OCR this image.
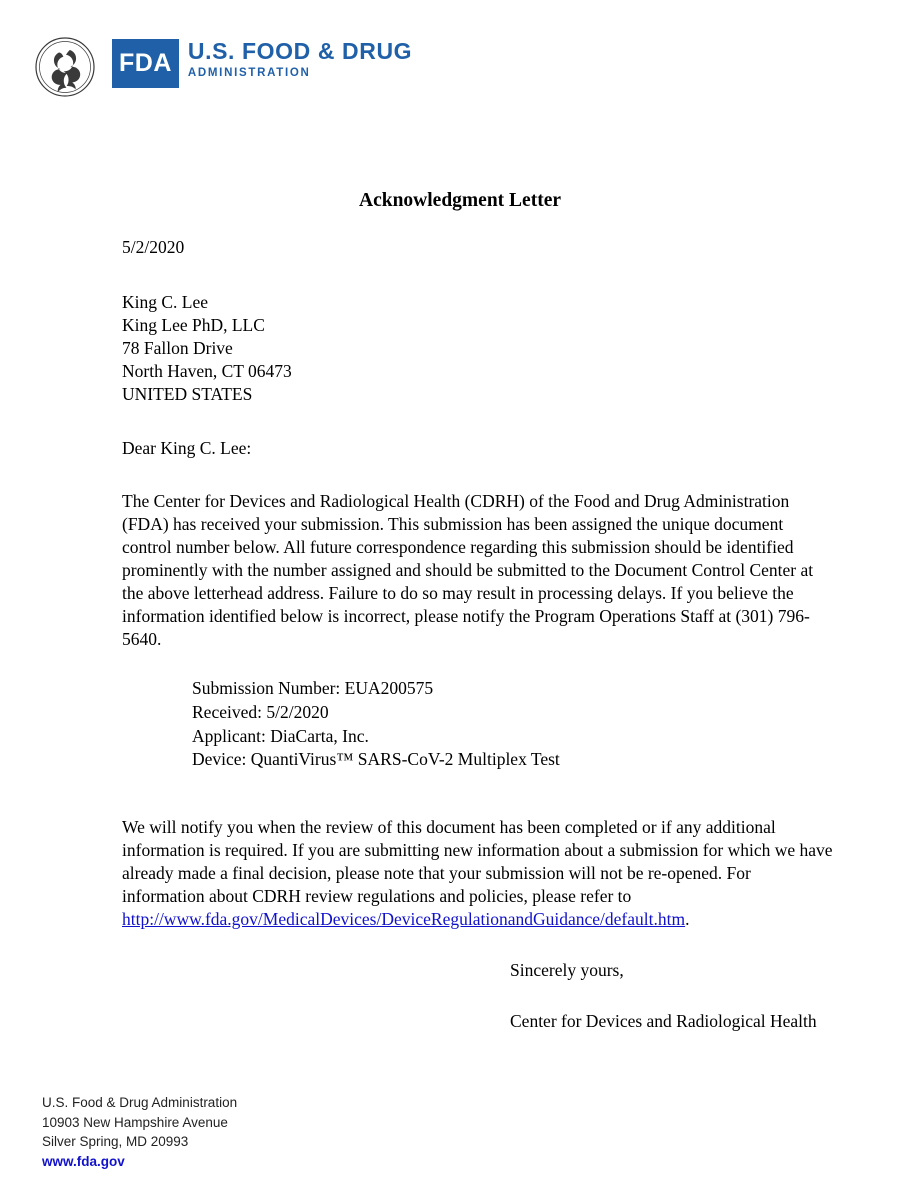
FDA U.S. FOOD & DRUG
ADMINISTRATION
Acknowledgment Letter
5/2/2020
King C. Lee
King Lee PhD, LLC
78 Fallon Drive
North Haven, CT 06473
UNITED STATES
Dear King C. Lee:
The Center for Devices and Radiological Health (CDRH) of the Food and Drug Administration (FDA) has received your submission. This submission has been assigned the unique document control number below. All future correspondence regarding this submission should be identified prominently with the number assigned and should be submitted to the Document Control Center at the above letterhead address. Failure to do so may result in processing delays. If you believe the information identified below is incorrect, please notify the Program Operations Staff at (301) 796-5640.
Submission Number: EUA200575
Received: 5/2/2020
Applicant: DiaCarta, Inc.
Device: QuantiVirus™ SARS-CoV-2 Multiplex Test
We will notify you when the review of this document has been completed or if any additional information is required. If you are submitting new information about a submission for which we have already made a final decision, please note that your submission will not be re-opened. For information about CDRH review regulations and policies, please refer to
http://www.fda.gov/MedicalDevices/DeviceRegulationandGuidance/default.htm.
Sincerely yours,
Center for Devices and Radiological Health
U.S. Food & Drug Administration
10903 New Hampshire Avenue
Silver Spring, MD 20993
www.fda.gov
